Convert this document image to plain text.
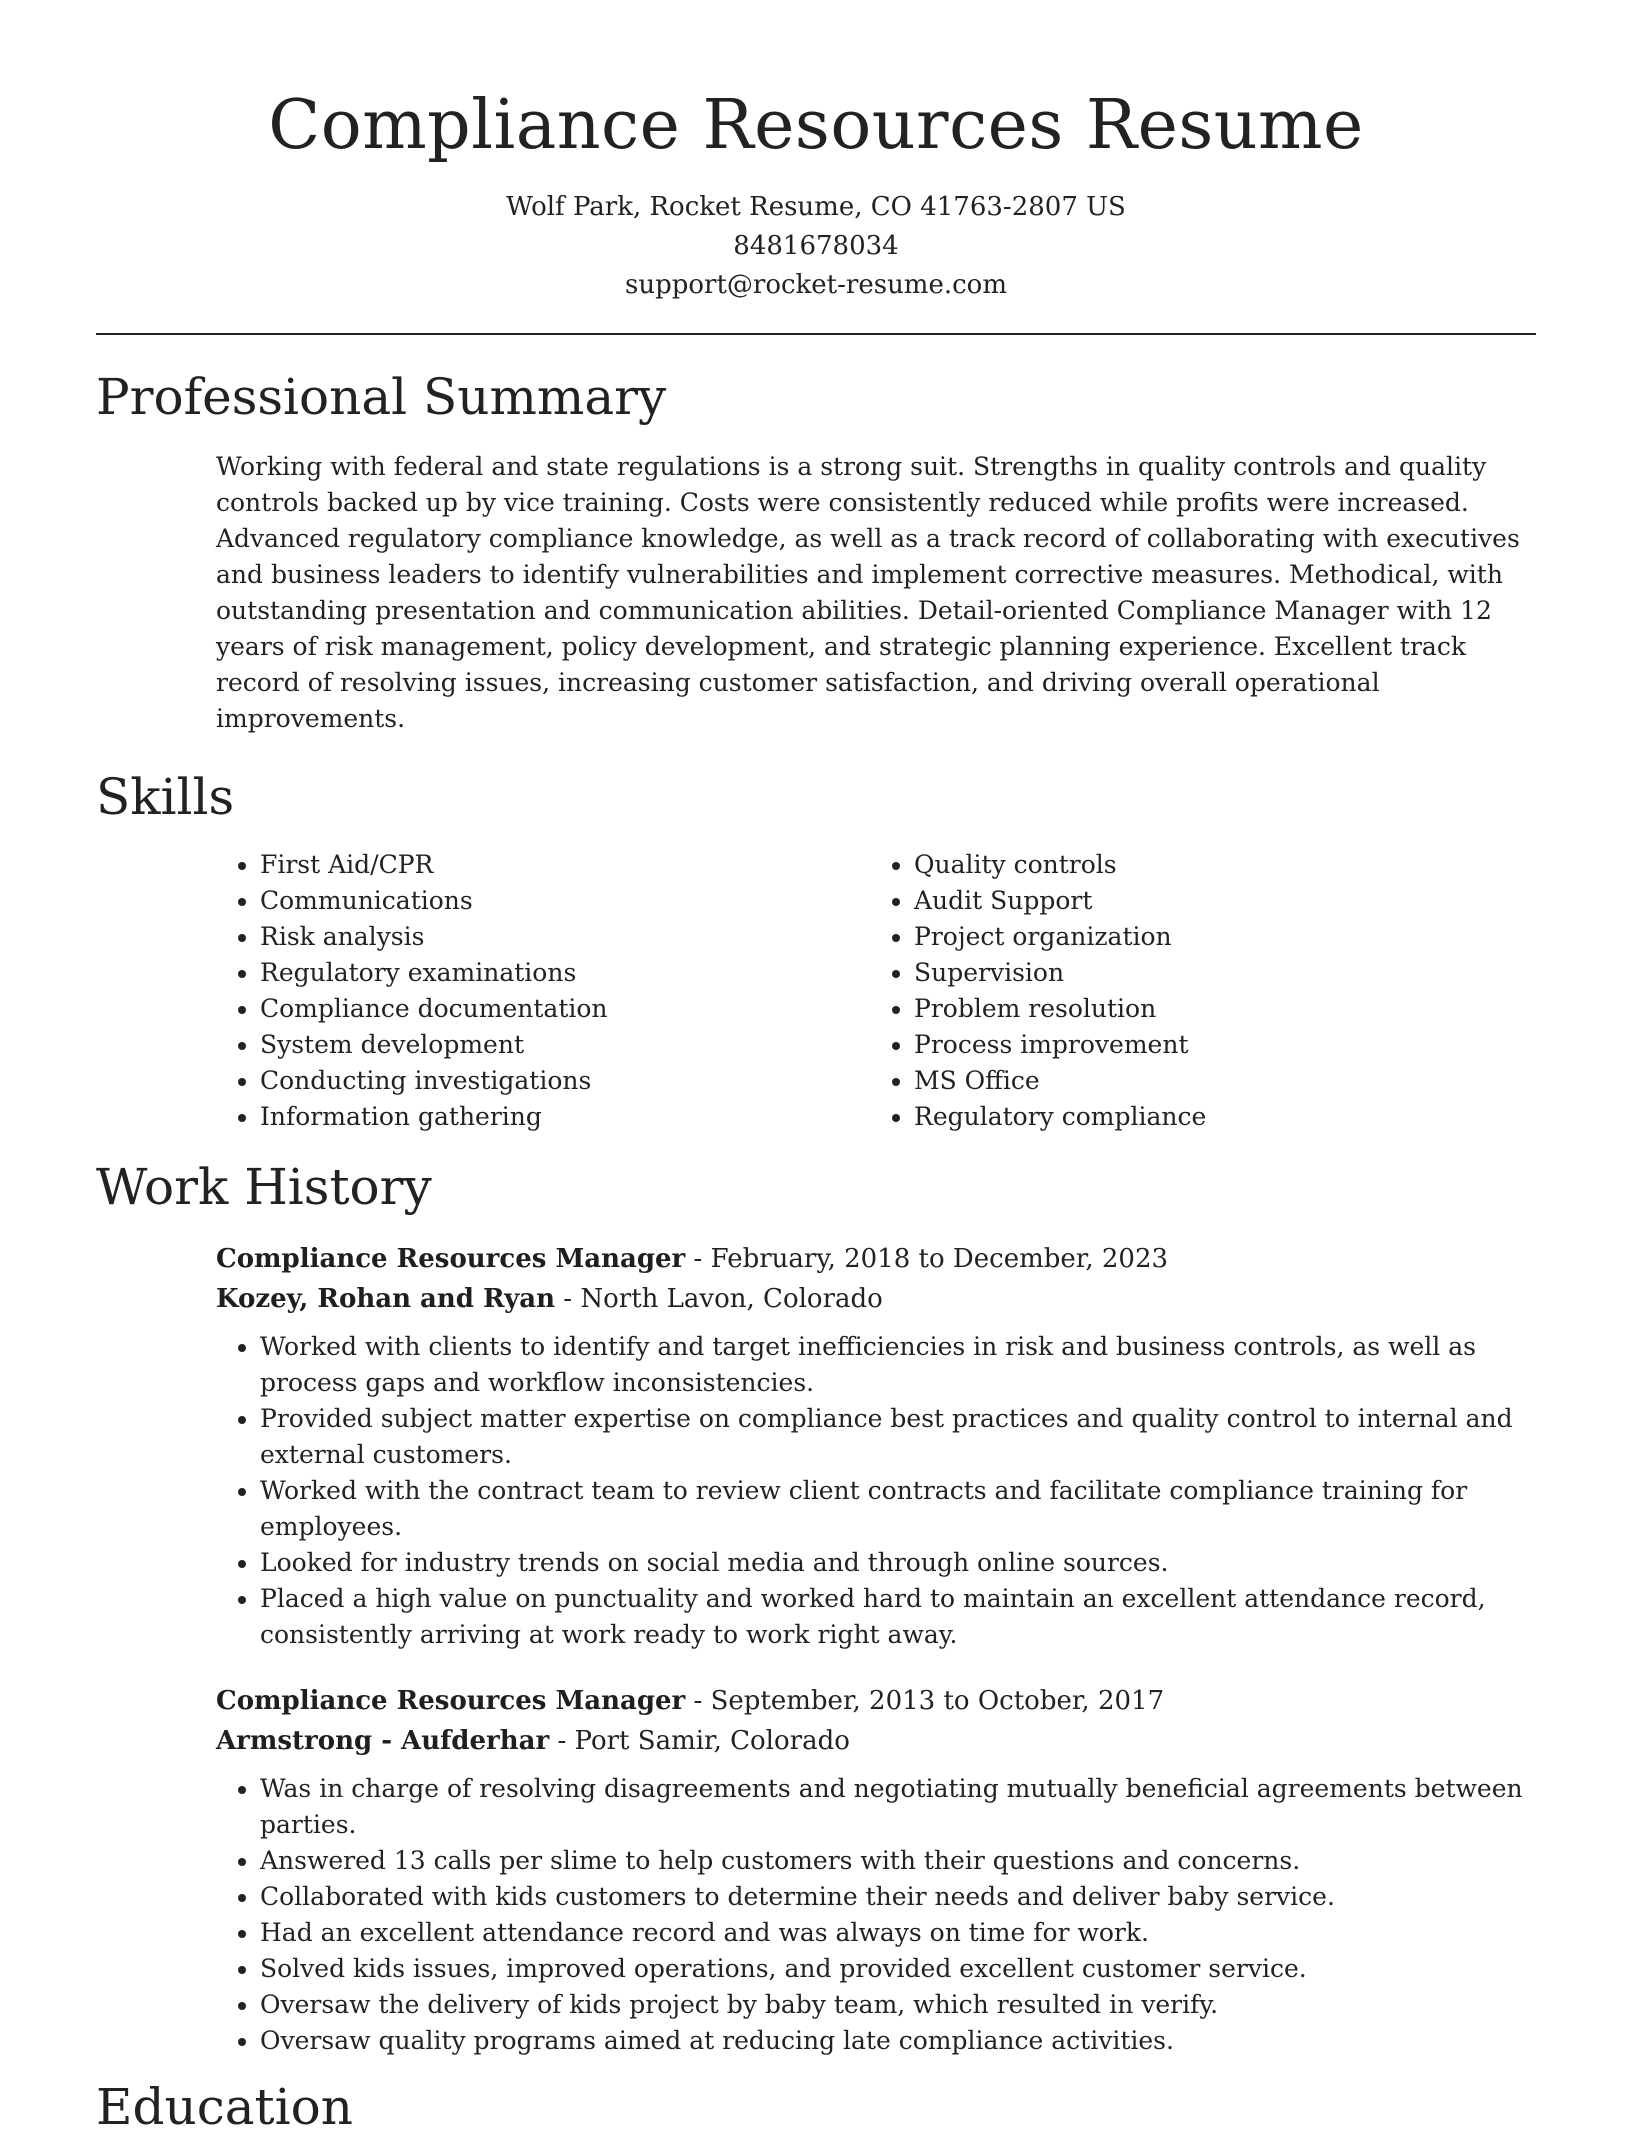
Compliance Resources Resume
Wolf Park, Rocket Resume, CO 41763-2807 US
8481678034
support@rocket-resume.com
Professional Summary

Working with federal and state regulations is a strong suit. Strengths in quality controls and quality controls backed up by vice training. Costs were consistently reduced while profits were increased. Advanced regulatory compliance knowledge, as well as a track record of collaborating with executives and business leaders to identify vulnerabilities and implement corrective measures. Methodical, with outstanding presentation and communication abilities. Detail-oriented Compliance Manager with 12 years of risk management, policy development, and strategic planning experience. Excellent track record of resolving issues, increasing customer satisfaction, and driving overall operational improvements.

Skills
• First Aid/CPR
• Communications
• Risk analysis
• Regulatory examinations
• Compliance documentation
• System development
• Conducting investigations
• Information gathering
• Quality controls
• Audit Support
• Project organization
• Supervision
• Problem resolution
• Process improvement
• MS Office
• Regulatory compliance
Work History

Compliance Resources Manager - February, 2018 to December, 2023

Kozey, Rohan and Ryan - North Lavon, Colorado

• Worked with clients to identify and target inefficiencies in risk and business controls, as well as process gaps and workflow inconsistencies.
• Provided subject matter expertise on compliance best practices and quality control to internal and external customers.
• Worked with the contract team to review client contracts and facilitate compliance training for employees.
• Looked for industry trends on social media and through online sources.
• Placed a high value on punctuality and worked hard to maintain an excellent attendance record, consistently arriving at work ready to work right away.

Compliance Resources Manager - September, 2013 to October, 2017

Armstrong - Aufderhar - Port Samir, Colorado

• Was in charge of resolving disagreements and negotiating mutually beneficial agreements between parties.
• Answered 13 calls per slime to help customers with their questions and concerns.
• Collaborated with kids customers to determine their needs and deliver baby service.
• Had an excellent attendance record and was always on time for work.
• Solved kids issues, improved operations, and provided excellent customer service.
• Oversaw the delivery of kids project by baby team, which resulted in verify.
• Oversaw quality programs aimed at reducing late compliance activities.
Education
